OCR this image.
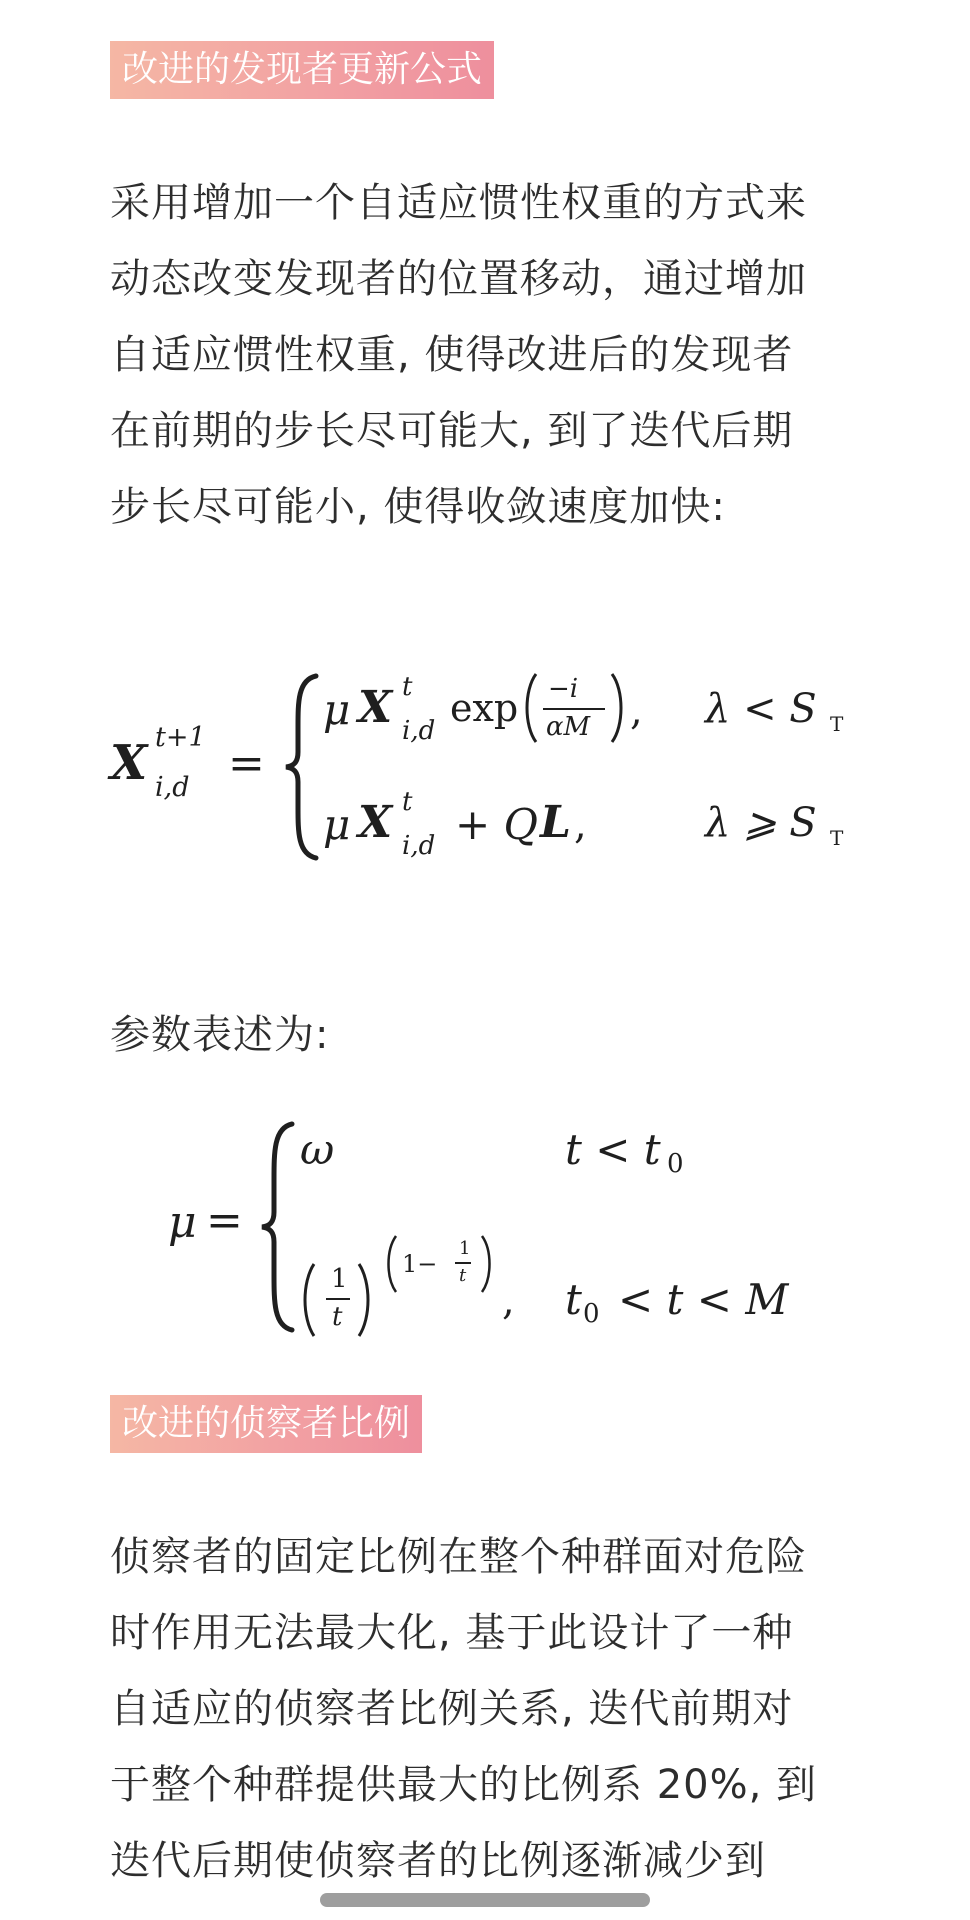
改进的发现者更新公式
采用增加一个自适应惯性权重的方式来
动态改变发现者的位置移动，通过增加
自适应惯性权重, 使得改进后的发现者
在前期的步长尽可能大, 到了迭代后期
步长尽可能小, 使得收敛速度加快:
X t+1
i,d =
μ X t
i,d
exp −i
αM , λ < S T
μ X t
i,d + Q L ,	λ ⩾ S T
参数表述为:
μ =
ω	t < t 0
1
t
1−
1
t
, t 0 < t < M
改进的侦察者比例
侦察者的固定比例在整个种群面对危险
时作用无法最大化, 基于此设计了一种
自适应的侦察者比例关系, 迭代前期对
于整个种群提供最大的比例系 20%, 到
迭代后期使侦察者的比例逐渐减少到
